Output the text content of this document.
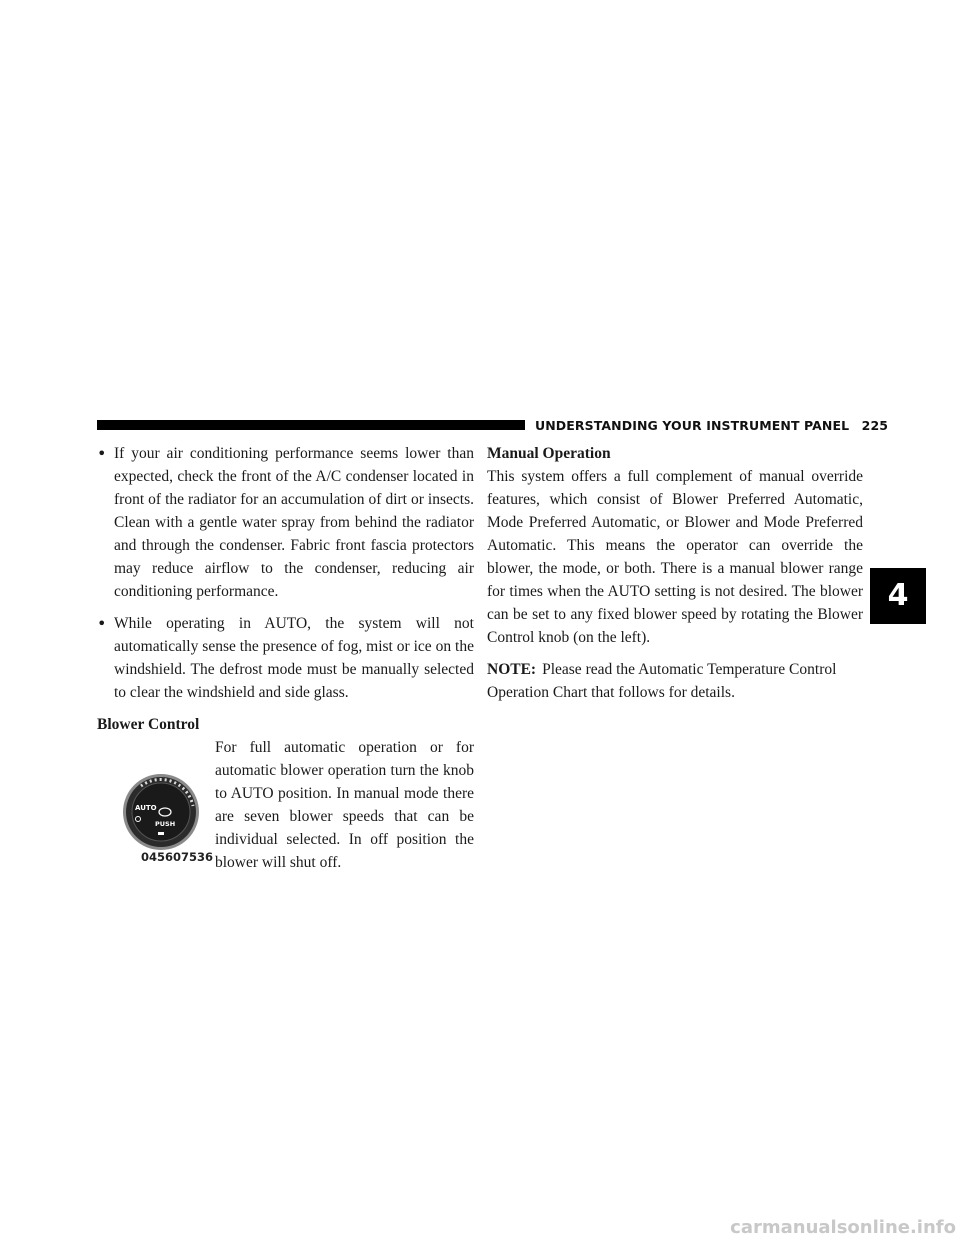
UNDERSTANDING YOUR INSTRUMENT PANEL 225
• If your air conditioning performance seems lower than expected, check the front of the A/C condenser located in front of the radiator for an accumulation of dirt or insects. Clean with a gentle water spray from behind the radiator and through the condenser. Fabric front fascia protectors may reduce airflow to the condenser, reducing air conditioning performance.
• While operating in AUTO, the system will not automatically sense the presence of fog, mist or ice on the windshield. The defrost mode must be manually selected to clear the windshield and side glass.
Blower Control
AUTO
PUSH
045607536

For full automatic operation or for automatic blower operation turn the knob to AUTO position. In manual mode there are seven blower speeds that can be individual selected. In off position the blower will shut off.

Manual Operation

This system offers a full complement of manual override features, which consist of Blower Preferred Automatic, Mode Preferred Automatic, or Blower and Mode Preferred Automatic. This means the operator can override the blower, the mode, or both. There is a manual blower range for times when the AUTO setting is not desired. The blower can be set to any fixed blower speed by rotating the Blower Control knob (on the left).

NOTE: Please read the Automatic Temperature Control Operation Chart that follows for details.

4
carmanualsonline.info
